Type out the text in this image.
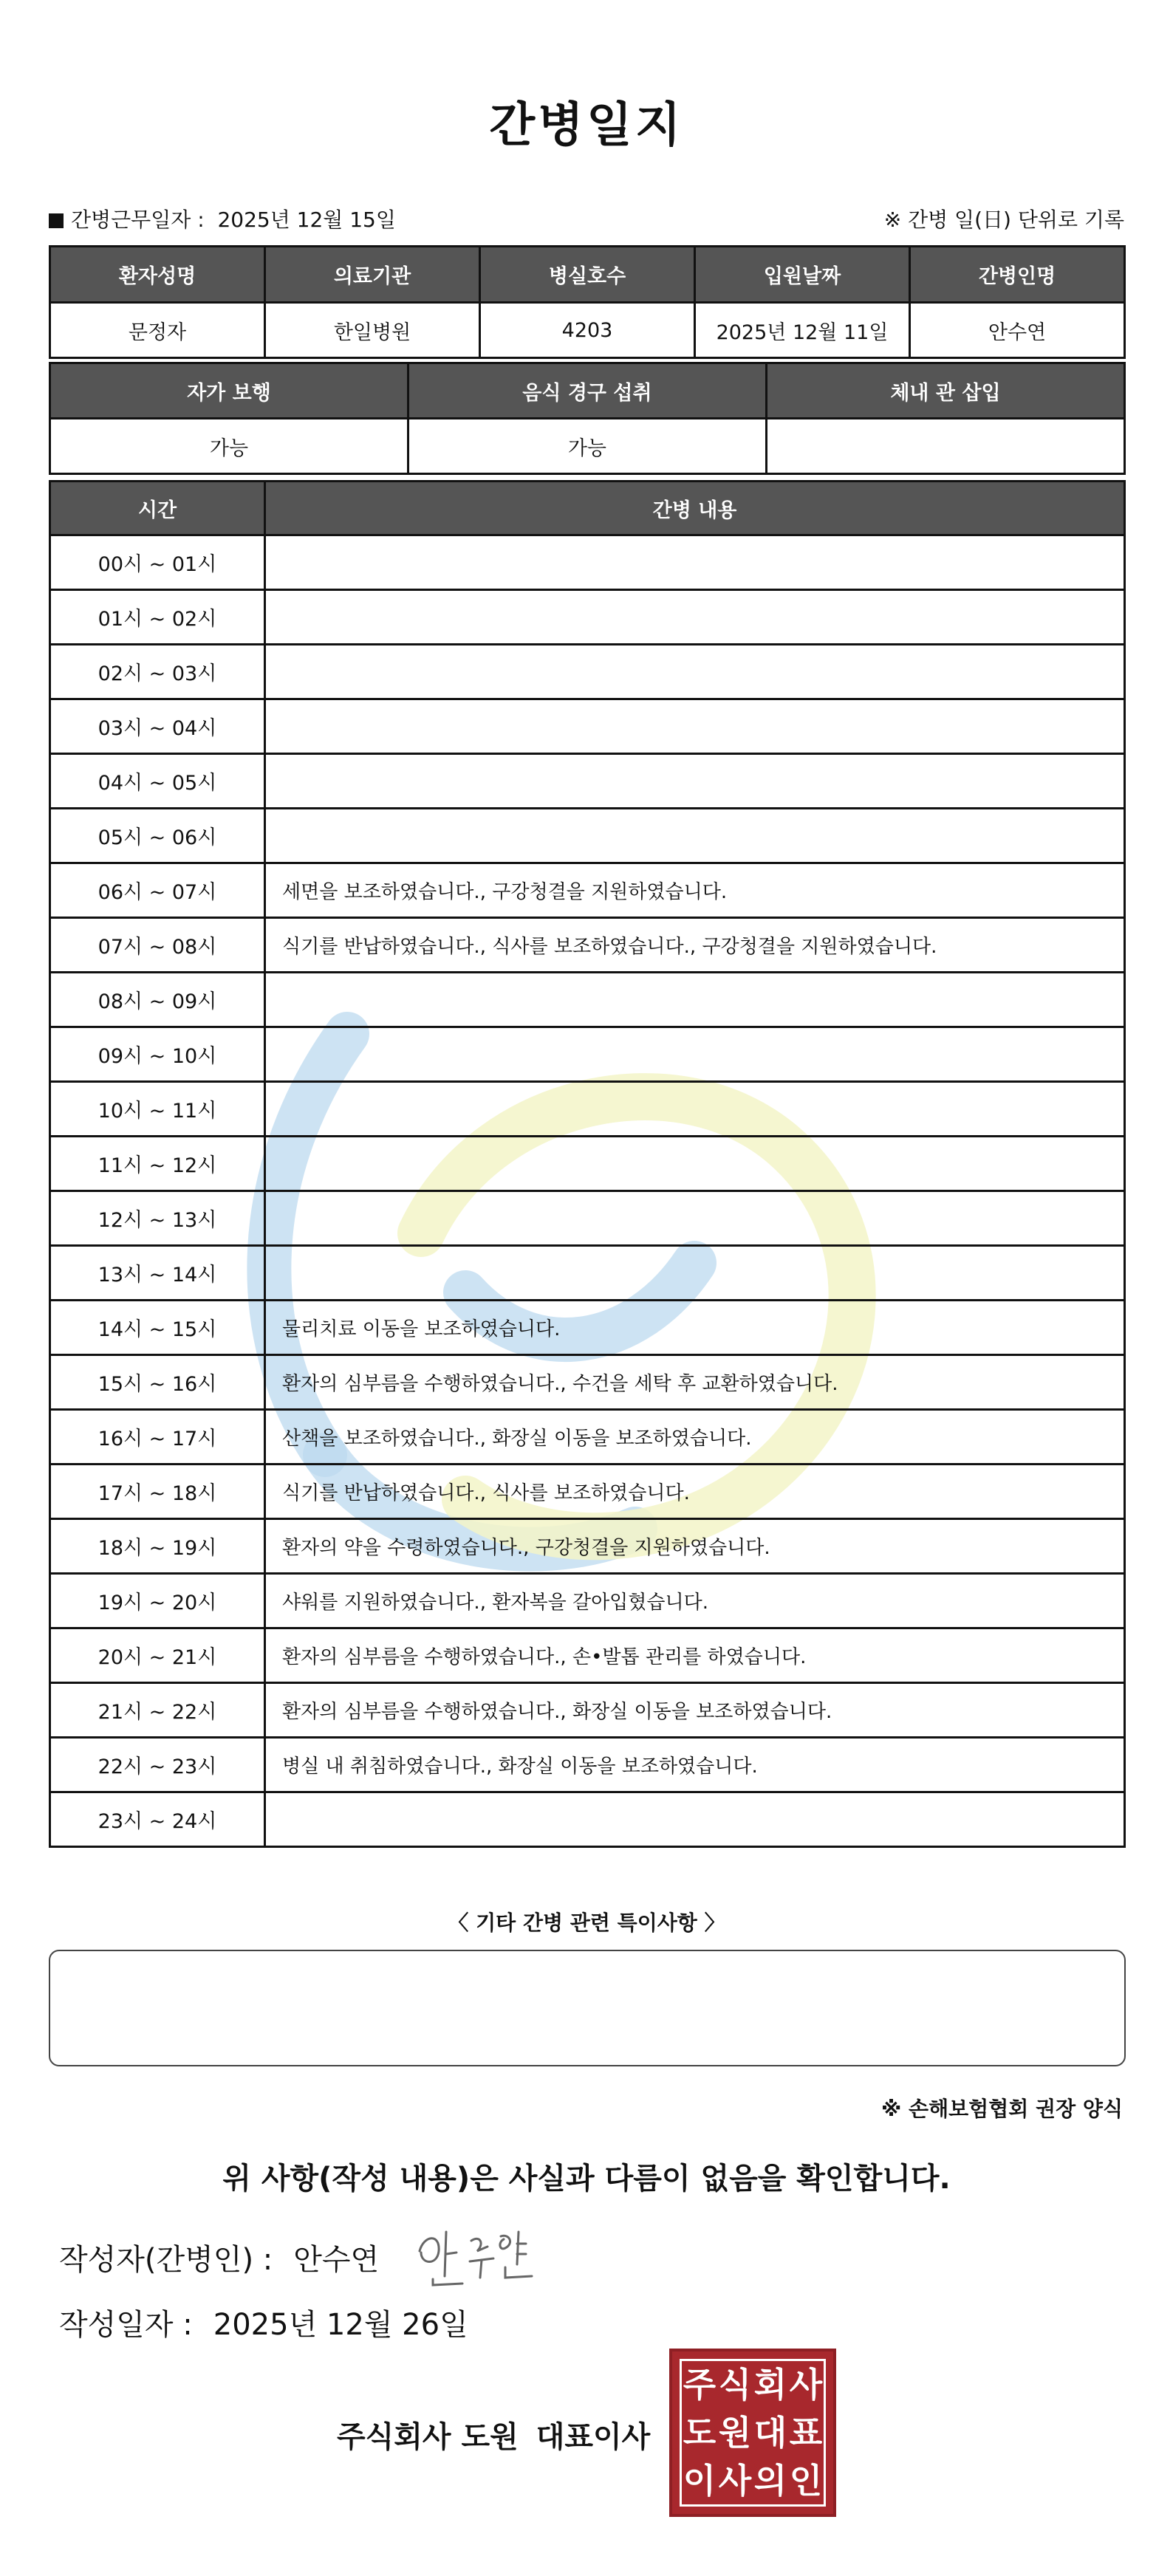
간병일지
간병근무일자 : 2025년 12월 15일	※ 간병 일(日) 단위로 기록
환자성명	의료기관	병실호수	입원날짜	간병인명
문정자	한일병원	4203	2025년 12월 11일	안수연
자가 보행	음식 경구 섭취	체내 관 삽입
가능	가능	
시간	간병 내용
00시 ~ 01시	
01시 ~ 02시	
02시 ~ 03시	
03시 ~ 04시	
04시 ~ 05시	
05시 ~ 06시	
06시 ~ 07시	세면을 보조하였습니다., 구강청결을 지원하였습니다.
07시 ~ 08시	식기를 반납하였습니다., 식사를 보조하였습니다., 구강청결을 지원하였습니다.
08시 ~ 09시	
09시 ~ 10시	
10시 ~ 11시	
11시 ~ 12시	
12시 ~ 13시	
13시 ~ 14시	
14시 ~ 15시	물리치료 이동을 보조하였습니다.
15시 ~ 16시	환자의 심부름을 수행하였습니다., 수건을 세탁 후 교환하였습니다.
16시 ~ 17시	산책을 보조하였습니다., 화장실 이동을 보조하였습니다.
17시 ~ 18시	식기를 반납하였습니다., 식사를 보조하였습니다.
18시 ~ 19시	환자의 약을 수령하였습니다., 구강청결을 지원하였습니다.
19시 ~ 20시	샤워를 지원하였습니다., 환자복을 갈아입혔습니다.
20시 ~ 21시	환자의 심부름을 수행하였습니다., 손•발톱 관리를 하였습니다.
21시 ~ 22시	환자의 심부름을 수행하였습니다., 화장실 이동을 보조하였습니다.
22시 ~ 23시	병실 내 취침하였습니다., 화장실 이동을 보조하였습니다.
23시 ~ 24시	
〈 기타 간병 관련 특이사항 〉
※ 손해보험협회 권장 양식
위 사항(작성 내용)은 사실과 다름이 없음을 확인합니다.
작성자(간병인) : 안수연
작성일자 : 2025년 12월 26일
주식회사 도원 대표이사
주 식 회 사
도 원 대 표
이 사 의 인
